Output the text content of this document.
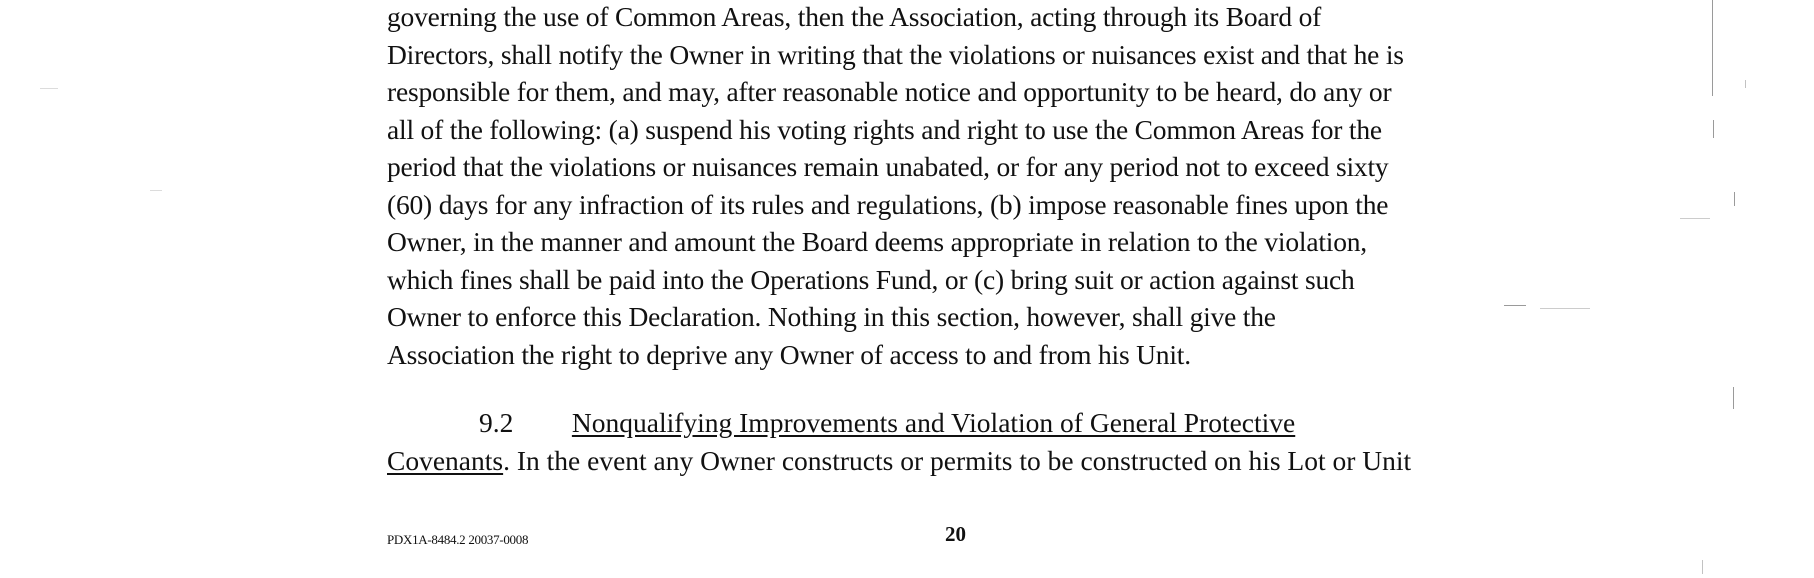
governing the use of Common Areas, then the Association, acting through its Board of
Directors, shall notify the Owner in writing that the violations or nuisances exist and that he is
responsible for them, and may, after reasonable notice and opportunity to be heard, do any or
all of the following: (a) suspend his voting rights and right to use the Common Areas for the
period that the violations or nuisances remain unabated, or for any period not to exceed sixty
(60) days for any infraction of its rules and regulations, (b) impose reasonable fines upon the
Owner, in the manner and amount the Board deems appropriate in relation to the violation,
which fines shall be paid into the Operations Fund, or (c) bring suit or action against such
Owner to enforce this Declaration. Nothing in this section, however, shall give the
Association the right to deprive any Owner of access to and from his Unit.
9.2 Nonqualifying Improvements and Violation of General Protective
Covenants. In the event any Owner constructs or permits to be constructed on his Lot or Unit
PDX1A-8484.2 20037-0008	20
